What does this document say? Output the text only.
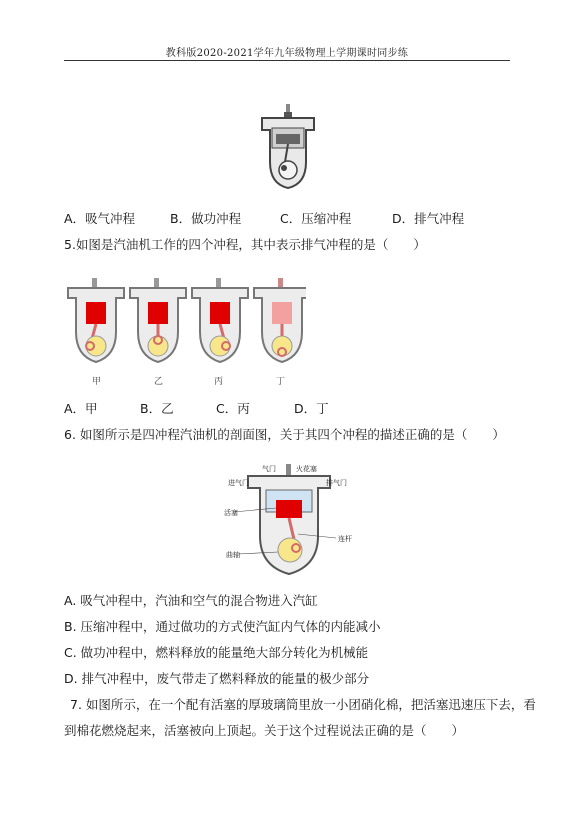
教科版2020-2021学年九年级物理上学期课时同步练
A．吸气冲程	B．做功冲程	C．压缩冲程	D．排气冲程
5.如图是汽油机工作的四个冲程，其中表示排气冲程的是（　　）
甲	乙	丙	丁
A．甲	B．乙	C．丙	D．丁
6. 如图所示是四冲程汽油机的剖面图，关于其四个冲程的描述正确的是（　　）
气门	火花塞
进气门	排气门
活塞
连杆
曲轴
A. 吸气冲程中，汽油和空气的混合物进入汽缸
B. 压缩冲程中，通过做功的方式使汽缸内气体的内能减小
C. 做功冲程中，燃料释放的能量绝大部分转化为机械能
D. 排气冲程中，废气带走了燃料释放的能量的极少部分
7. 如图所示，在一个配有活塞的厚玻璃筒里放一小团硝化棉，把活塞迅速压下去，看
到棉花燃烧起来，活塞被向上顶起。关于这个过程说法正确的是（　　）
